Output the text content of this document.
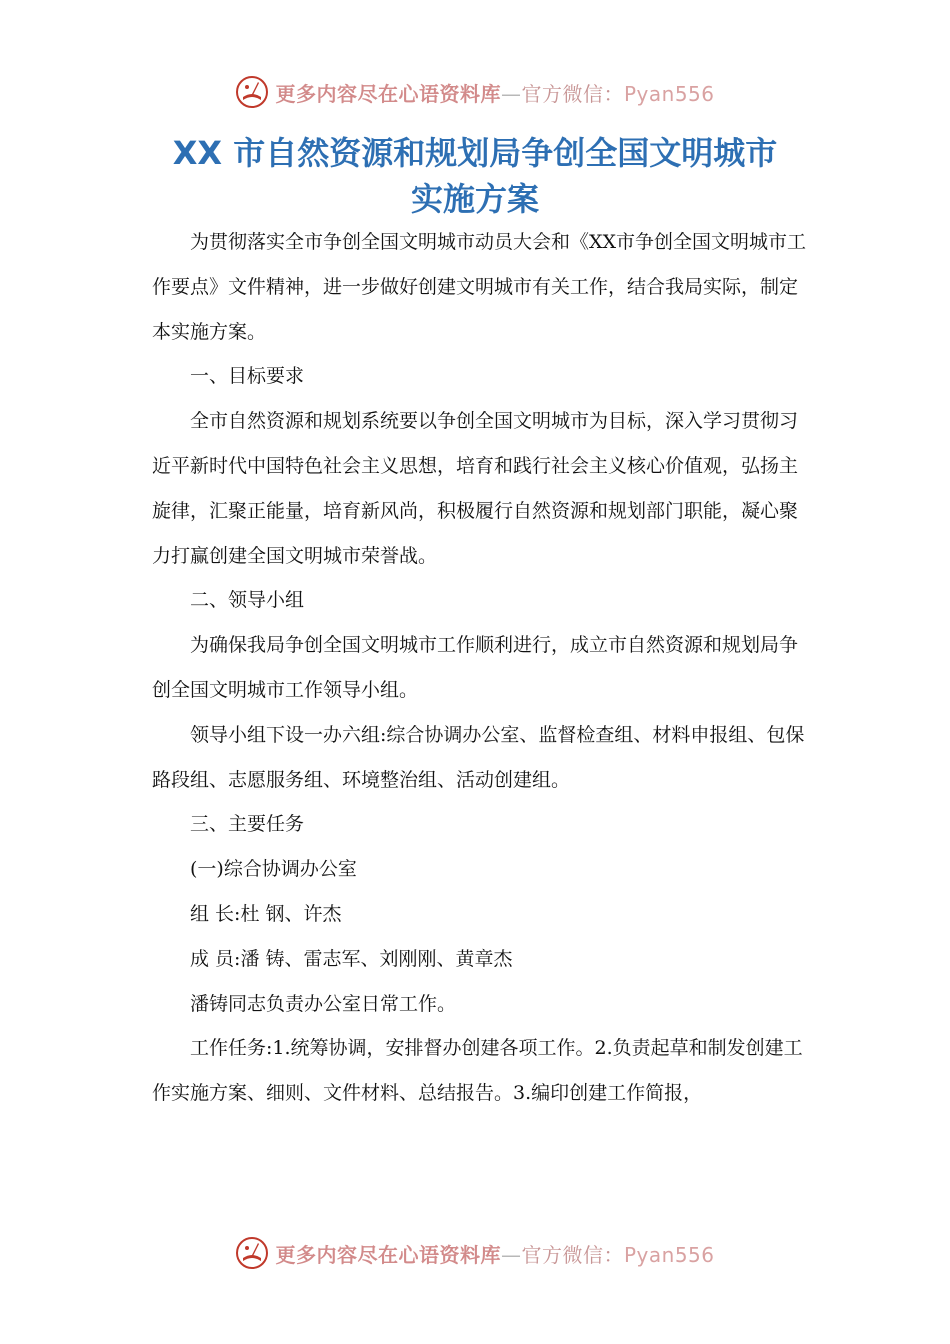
更多内容尽在心语资料库—官方微信：Pyan556
XX 市自然资源和规划局争创全国文明城市
实施方案

为贯彻落实全市争创全国文明城市动员大会和《XX市争创全国文明城市工作要点》文件精神，进一步做好创建文明城市有关工作，结合我局实际，制定本实施方案。

一、目标要求

全市自然资源和规划系统要以争创全国文明城市为目标，深入学习贯彻习近平新时代中国特色社会主义思想，培育和践行社会主义核心价值观，弘扬主旋律，汇聚正能量，培育新风尚，积极履行自然资源和规划部门职能，凝心聚力打赢创建全国文明城市荣誉战。

二、领导小组

为确保我局争创全国文明城市工作顺利进行，成立市自然资源和规划局争创全国文明城市工作领导小组。

领导小组下设一办六组:综合协调办公室、监督检查组、材料申报组、包保路段组、志愿服务组、环境整治组、活动创建组。

三、主要任务

(一)综合协调办公室

组 长:杜 钢、许杰

成 员:潘 铸、雷志军、刘刚刚、黄章杰

潘铸同志负责办公室日常工作。

工作任务:1.统筹协调，安排督办创建各项工作。2.负责起草和制发创建工作实施方案、细则、文件材料、总结报告。3.编印创建工作简报，

更多内容尽在心语资料库—官方微信：Pyan556
